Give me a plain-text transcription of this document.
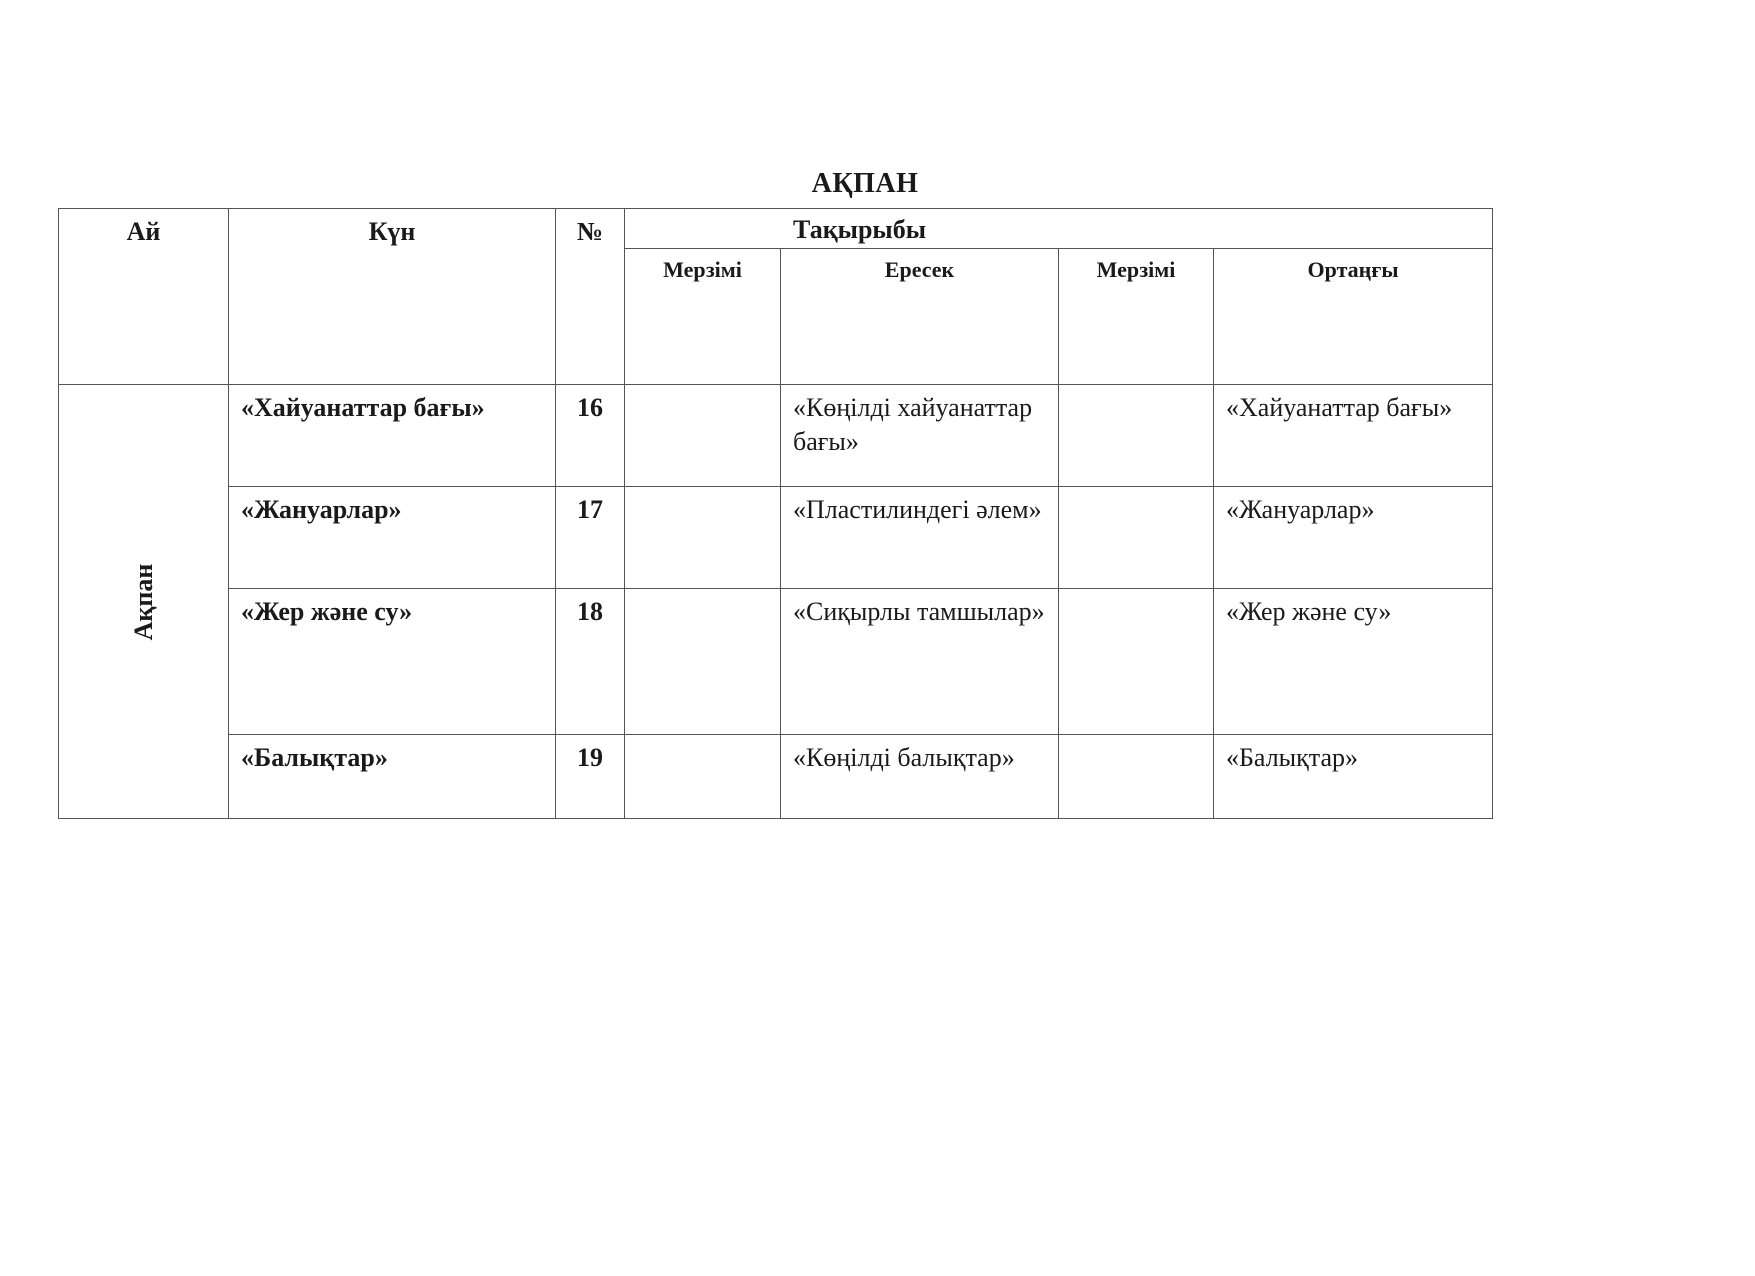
АҚПАН
Ай	Күн	№	Тақырыбы			
			Мерзімі	Ересек	Мерзімі	Ортаңғы

Ақпан	«Хайуанаттар бағы»	16		«Көңілді хайуанаттар бағы»		«Хайуанаттар бағы»
	«Жануарлар»	17		«Пластилиндегі әлем»		«Жануарлар»
	«Жер және су»	18		«Сиқырлы тамшылар»		«Жер және су»
	«Балықтар»	19		«Көңілді балықтар»		«Балықтар»
